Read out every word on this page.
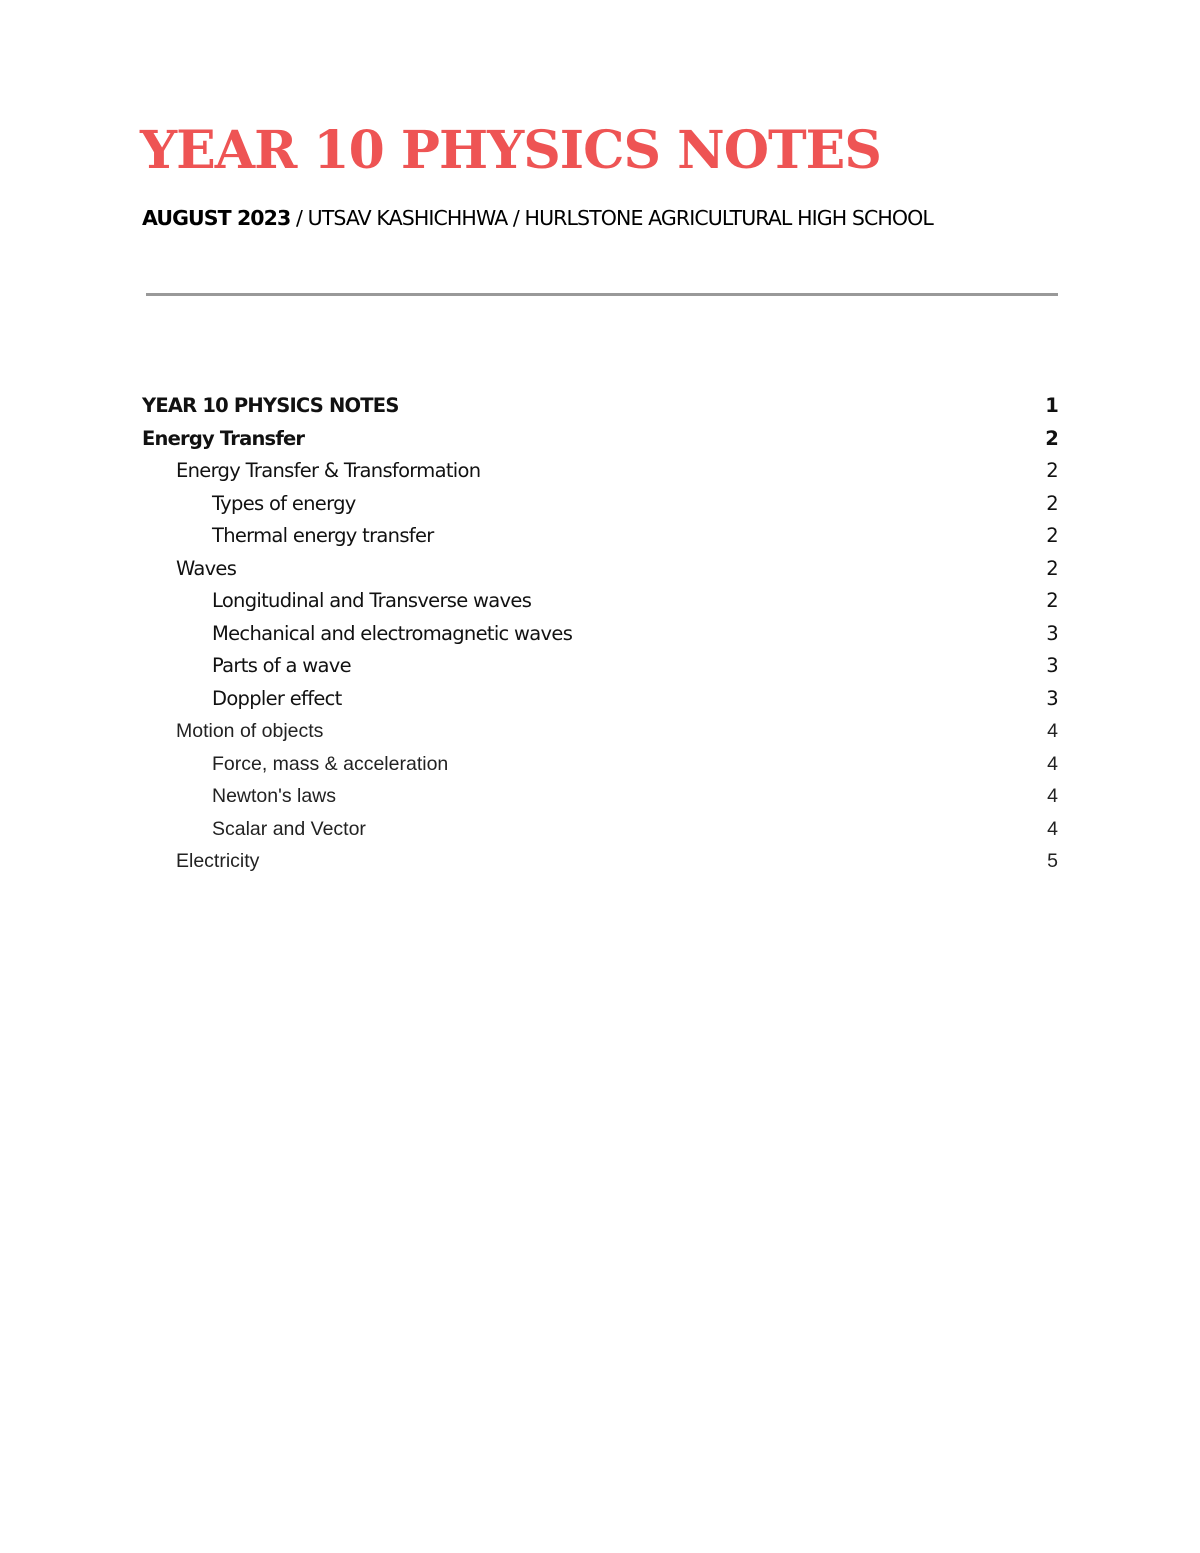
YEAR 10 PHYSICS NOTES
AUGUST 2023 / UTSAV KASHICHHWA / HURLSTONE AGRICULTURAL HIGH SCHOOL
YEAR 10 PHYSICS NOTES	1
Energy Transfer	2
Energy Transfer & Transformation	2
Types of energy	2
Thermal energy transfer	2
Waves	2
Longitudinal and Transverse waves	2
Mechanical and electromagnetic waves	3
Parts of a wave	3
Doppler effect	3
Motion of objects	4
Force, mass & acceleration	4
Newton's laws	4
Scalar and Vector	4
Electricity	5
